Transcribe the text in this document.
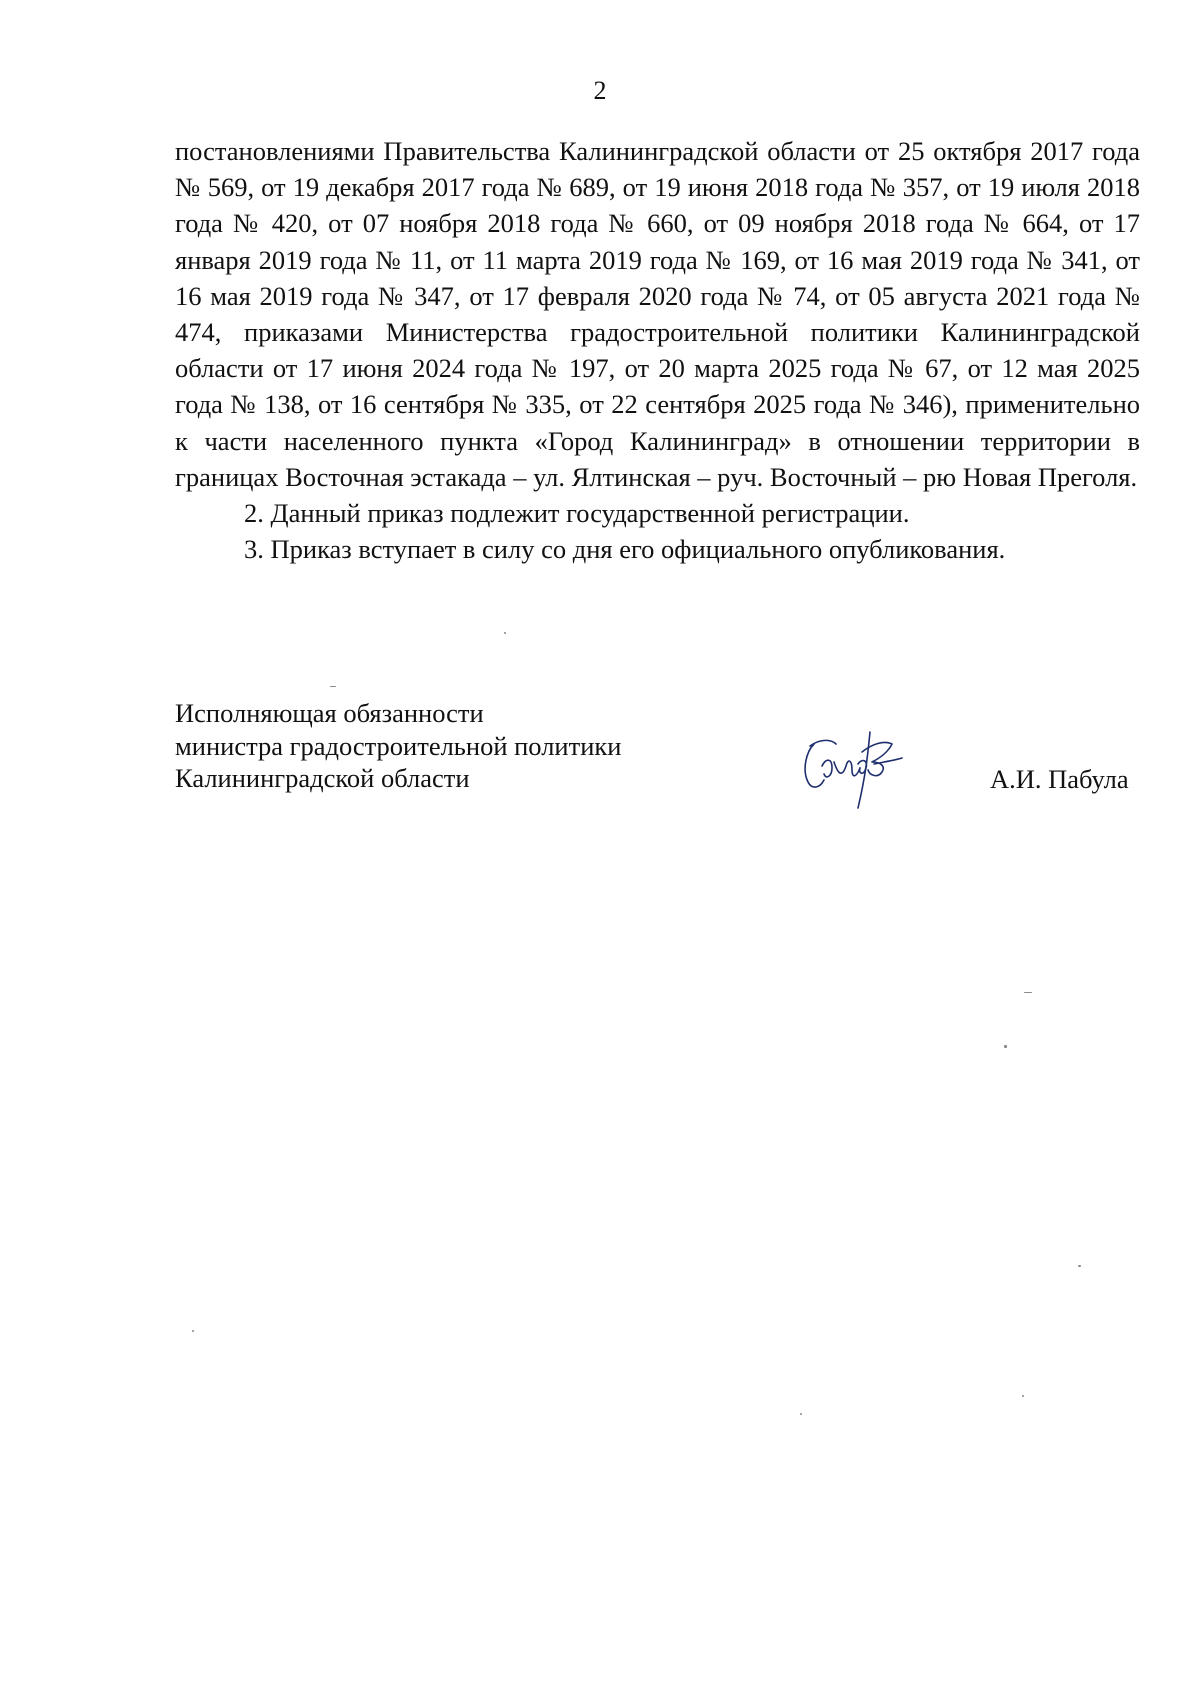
2

постановлениями Правительства Калининградской области от 25 октября 2017 года № 569, от 19 декабря 2017 года № 689, от 19 июня 2018 года № 357, от 19 июля 2018 года № 420, от 07 ноября 2018 года № 660, от 09 ноября 2018 года № 664, от 17 января 2019 года № 11, от 11 марта 2019 года № 169, от 16 мая 2019 года № 341, от 16 мая 2019 года № 347, от 17 февраля 2020 года № 74, от 05 августа 2021 года № 474, приказами Министерства градостроительной политики Калининградской области от 17 июня 2024 года № 197, от 20 марта 2025 года № 67, от 12 мая 2025 года № 138, от 16 сентября № 335, от 22 сентября 2025 года № 346), применительно к части населенного пункта «Город Калининград» в отношении территории в границах Восточная эстакада – ул. Ялтинская – руч. Восточный – рю Новая Преголя.

2. Данный приказ подлежит государственной регистрации.

3. Приказ вступает в силу со дня его официального опубликования.

Исполняющая обязанности
министра градостроительной политики
Калининградской области	А.И. Пабула
